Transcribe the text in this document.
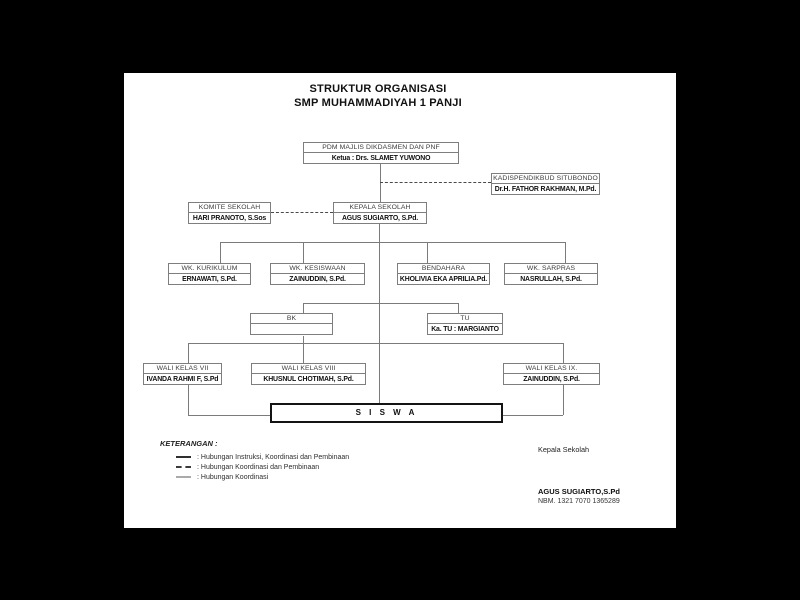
STRUKTUR ORGANISASI
SMP MUHAMMADIYAH 1 PANJI
PDM MAJLIS DIKDASMEN DAN PNF
Ketua : Drs. SLAMET YUWONO
KADISPENDIKBUD SITUBONDO
Dr.H. FATHOR RAKHMAN, M.Pd.
KOMITE SEKOLAH
HARI PRANOTO, S.Sos
KEPALA SEKOLAH
AGUS SUGIARTO, S.Pd.
WK. KURIKULUM
ERNAWATI, S.Pd.
WK. KESISWAAN
ZAINUDDIN, S.Pd.
BENDAHARA
KHOLIVIA EKA APRILIA.Pd.
WK. SARPRAS
NASRULLAH, S.Pd.
BK	TU
Ka. TU : MARGIANTO
WALI KELAS VII
IVANDA RAHMI F, S.Pd
WALI KELAS VIII
KHUSNUL CHOTIMAH, S.Pd.
WALI KELAS IX.
ZAINUDDIN, S.Pd.
S I S W A
KETERANGAN :
: Hubungan Instruksi, Koordinasi dan Pembinaan
: Hubungan Koordinasi dan Pembinaan
: Hubungan Koordinasi
Kepala Sekolah
AGUS SUGIARTO,S.Pd
NBM. 1321 7070 1365289
